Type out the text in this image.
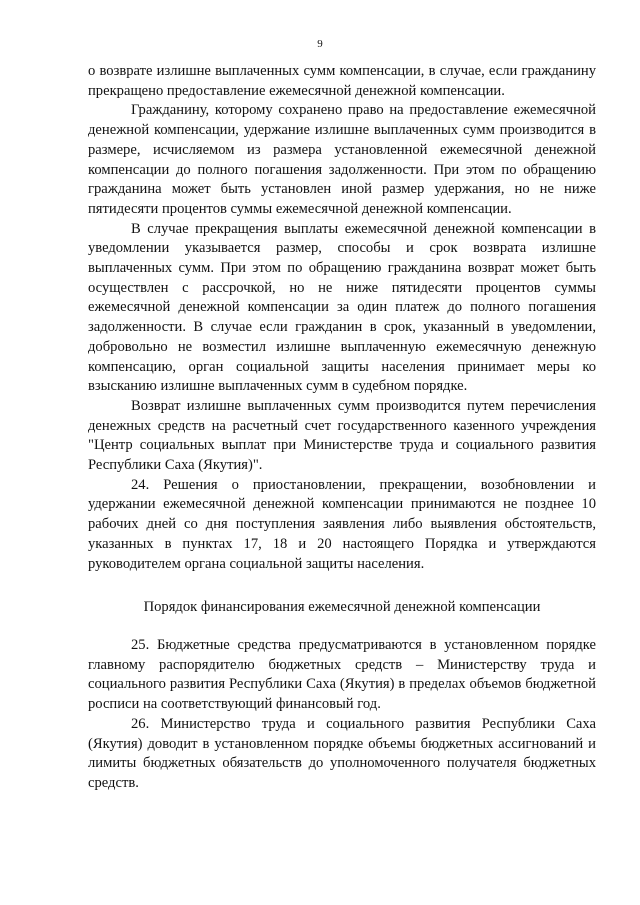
9

о возврате излишне выплаченных сумм компенсации, в случае, если гражданину прекращено предоставление ежемесячной денежной компенсации.

Гражданину, которому сохранено право на предоставление ежемесячной денежной компенсации, удержание излишне выплаченных сумм производится в размере, исчисляемом из размера установленной ежемесячной денежной компенсации до полного погашения задолженности. При этом по обращению гражданина может быть установлен иной размер удержания, но не ниже пятидесяти процентов суммы ежемесячной денежной компенсации.

В случае прекращения выплаты ежемесячной денежной компенсации в уведомлении указывается размер, способы и срок возврата излишне выплаченных сумм. При этом по обращению гражданина возврат может быть осуществлен с рассрочкой, но не ниже пятидесяти процентов суммы ежемесячной денежной компенсации за один платеж до полного погашения задолженности. В случае если гражданин в срок, указанный в уведомлении, добровольно не возместил излишне выплаченную ежемесячную денежную компенсацию, орган социальной защиты населения принимает меры ко взысканию излишне выплаченных сумм в судебном порядке.

Возврат излишне выплаченных сумм производится путем перечисления денежных средств на расчетный счет государственного казенного учреждения "Центр социальных выплат при Министерстве труда и социального развития Республики Саха (Якутия)".

24. Решения о приостановлении, прекращении, возобновлении и удержании ежемесячной денежной компенсации принимаются не позднее 10 рабочих дней со дня поступления заявления либо выявления обстоятельств, указанных в пунктах 17, 18 и 20 настоящего Порядка и утверждаются руководителем органа социальной защиты населения.

Порядок финансирования ежемесячной денежной компенсации

25. Бюджетные средства предусматриваются в установленном порядке главному распорядителю бюджетных средств – Министерству труда и социального развития Республики Саха (Якутия) в пределах объемов бюджетной росписи на соответствующий финансовый год.

26. Министерство труда и социального развития Республики Саха (Якутия) доводит в установленном порядке объемы бюджетных ассигнований и лимиты бюджетных обязательств до уполномоченного получателя бюджетных средств.
